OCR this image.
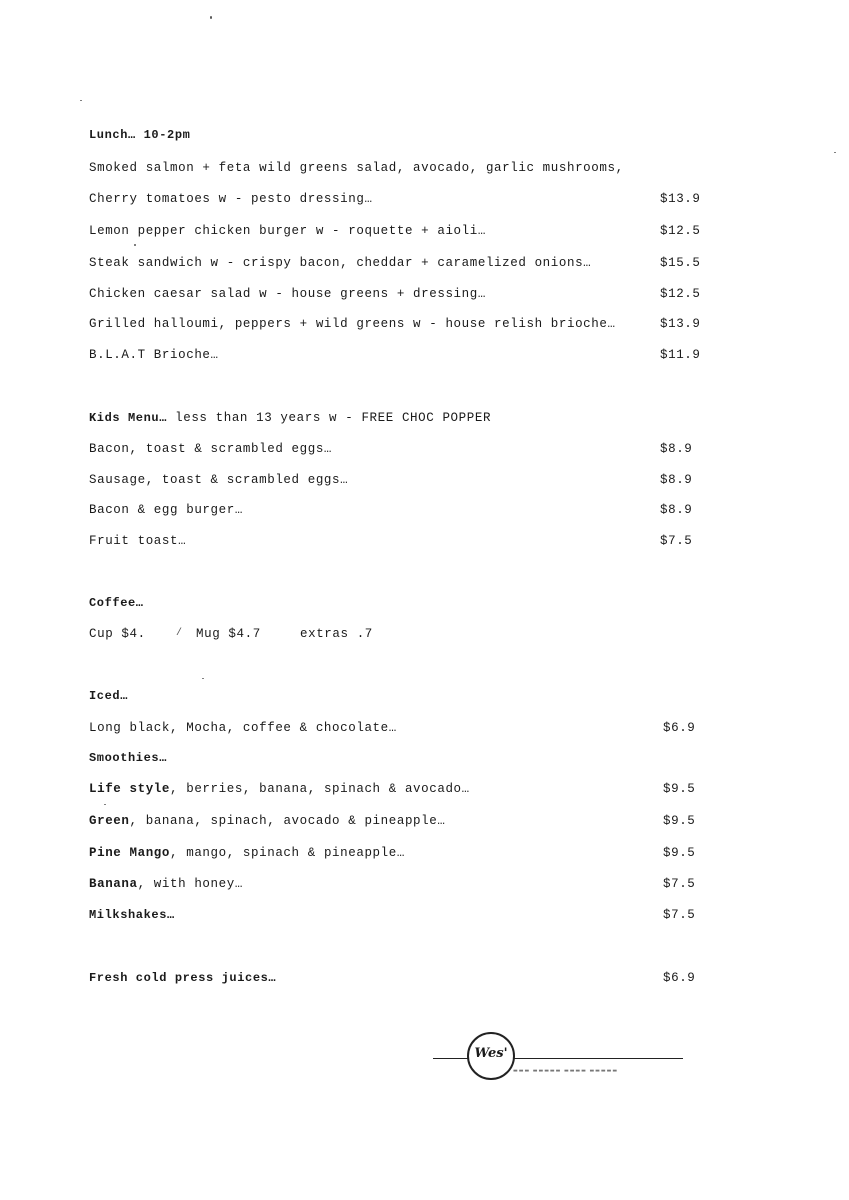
Lunch… 10-2pm
Smoked salmon + feta wild greens salad, avocado, garlic mushrooms,
Cherry tomatoes w - pesto dressing…	$13.9
Lemon pepper chicken burger w - roquette + aioli…	$12.5
Steak sandwich w - crispy bacon, cheddar + caramelized onions…	$15.5
Chicken caesar salad w - house greens + dressing…	$12.5
Grilled halloumi, peppers + wild greens w - house relish brioche…	$13.9
B.L.A.T Brioche…	$11.9
Kids Menu… less than 13 years w - FREE CHOC POPPER
Bacon, toast & scrambled eggs…	$8.9
Sausage, toast & scrambled eggs…	$8.9
Bacon & egg burger…	$8.9
Fruit toast…	$7.5
Coffee…
Cup $4.	/ Mug $4.7	extras .7
Iced…
Long black, Mocha, coffee & chocolate…	$6.9
Smoothies…
Life style, berries, banana, spinach & avocado…	$9.5
Green, banana, spinach, avocado & pineapple…	$9.5
Pine Mango, mango, spinach & pineapple…	$9.5
Banana, with honey…	$7.5
Milkshakes…	$7.5
Fresh cold press juices…	$6.9
Wes'
▬▬▬ ▬▬▬▬▬ ▬▬▬▬ ▬▬▬▬▬
